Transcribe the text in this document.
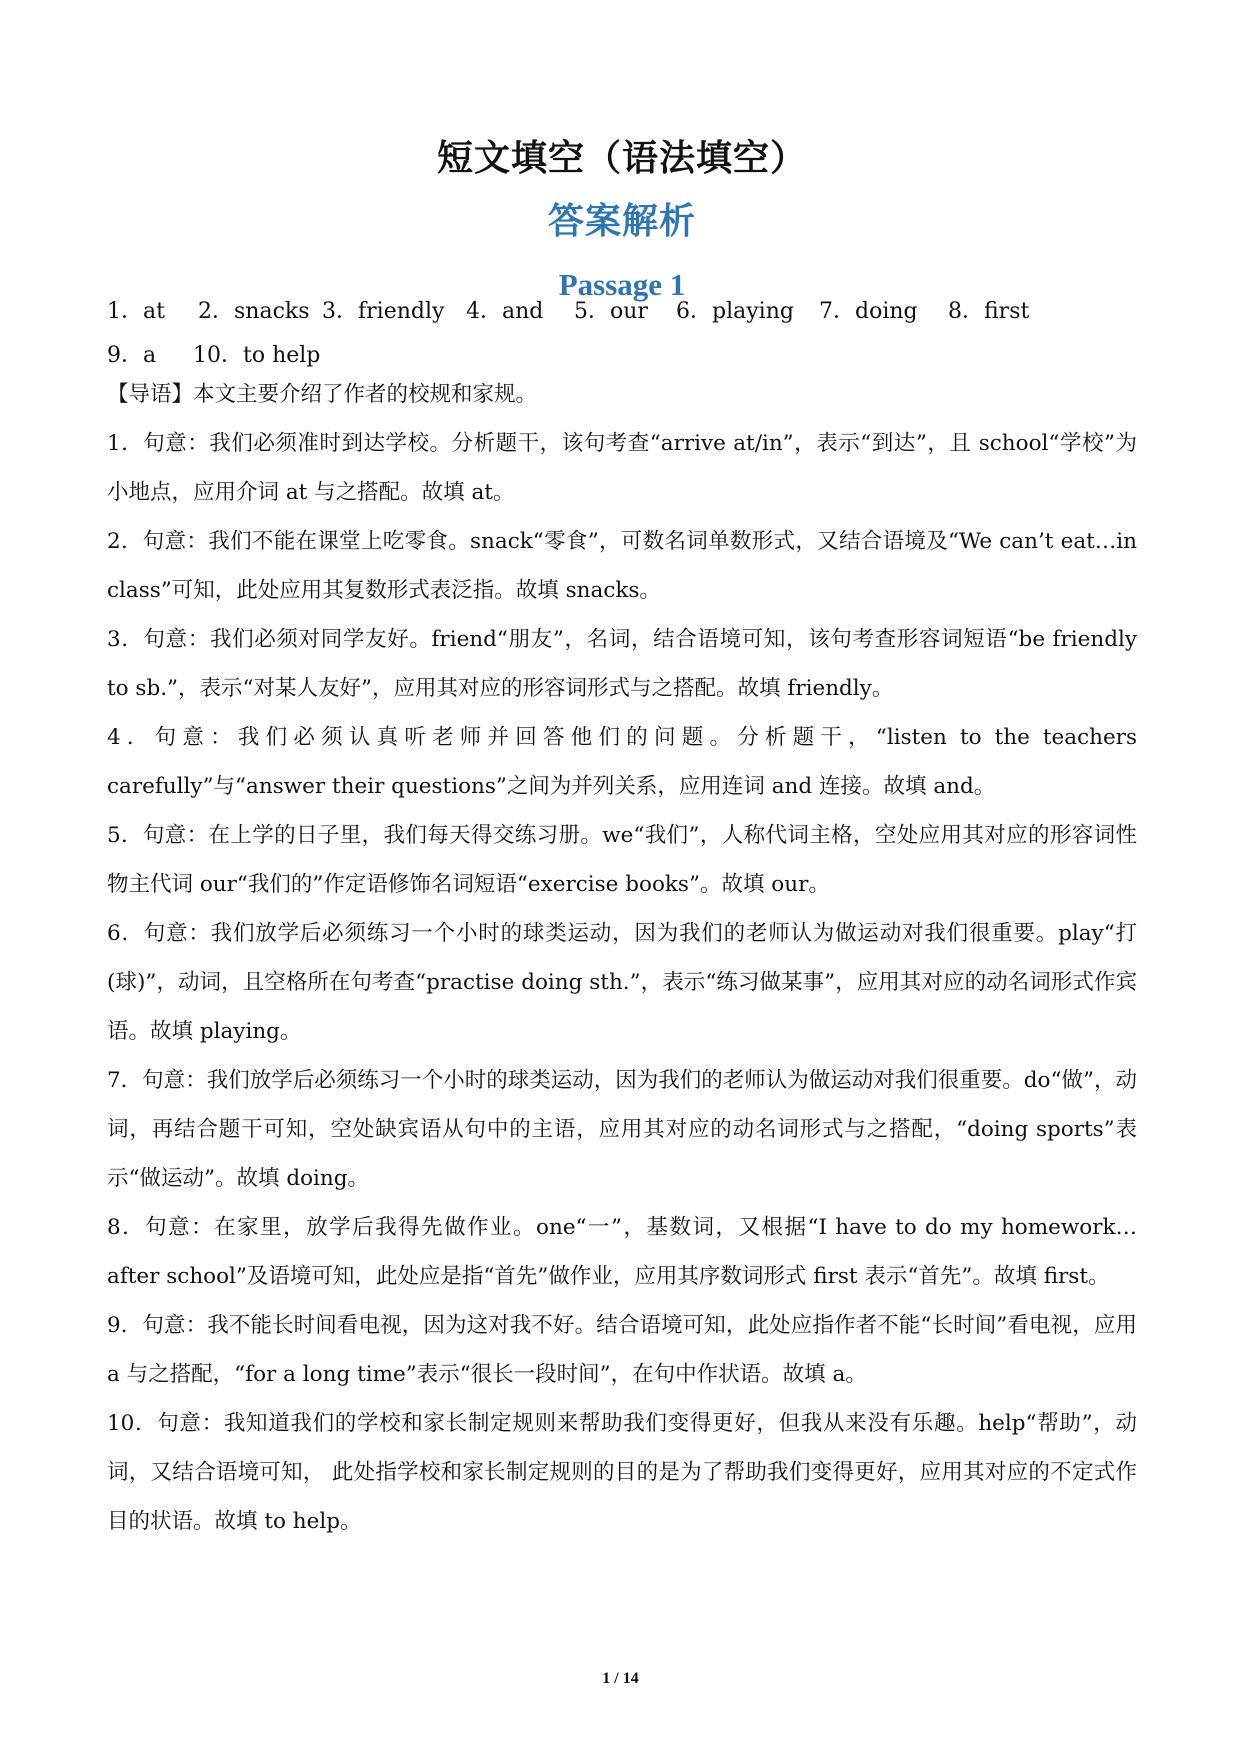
短文填空（语法填空）
答案解析
Passage 1
1．at 2．snacks 3．friendly 4．and 5．our 6．playing 7．doing 8．first
9．a 10．to help

【导语】本文主要介绍了作者的校规和家规。

1．句意：我们必须准时到达学校。分析题干，该句考查“arrive at/in”，表示“到达”，且 school“学校”为小地点，应用介词 at 与之搭配。故填 at。

2．句意：我们不能在课堂上吃零食。snack“零食”，可数名词单数形式，又结合语境及“We can’t eat…in class”可知，此处应用其复数形式表泛指。故填 snacks。

3．句意：我们必须对同学友好。friend“朋友”，名词，结合语境可知，该句考查形容词短语“be friendly to sb.”，表示“对某人友好”，应用其对应的形容词形式与之搭配。故填 friendly。

4．句意：我们必须认真听老师并回答他们的问题。分析题干，“listen to the teachers carefully”与“answer their questions”之间为并列关系，应用连词 and 连接。故填 and。

5．句意：在上学的日子里，我们每天得交练习册。we“我们”，人称代词主格，空处应用其对应的形容词性物主代词 our“我们的”作定语修饰名词短语“exercise books”。故填 our。

6．句意：我们放学后必须练习一个小时的球类运动，因为我们的老师认为做运动对我们很重要。play“打(球)”，动词，且空格所在句考查“practise doing sth.”，表示“练习做某事”，应用其对应的动名词形式作宾语。故填 playing。

7．句意：我们放学后必须练习一个小时的球类运动，因为我们的老师认为做运动对我们很重要。do“做”，动词，再结合题干可知，空处缺宾语从句中的主语，应用其对应的动名词形式与之搭配，“doing sports”表示“做运动”。故填 doing。

8．句意：在家里，放学后我得先做作业。one“一”，基数词，又根据“I have to do my homework…after school”及语境可知，此处应是指“首先”做作业，应用其序数词形式 first 表示“首先”。故填 first。

9．句意：我不能长时间看电视，因为这对我不好。结合语境可知，此处应指作者不能“长时间”看电视，应用 a 与之搭配，“for a long time”表示“很长一段时间”，在句中作状语。故填 a。

10．句意：我知道我们的学校和家长制定规则来帮助我们变得更好，但我从来没有乐趣。help“帮助”，动词，又结合语境可知， 此处指学校和家长制定规则的目的是为了帮助我们变得更好，应用其对应的不定式作目的状语。故填 to help。

1 / 14
